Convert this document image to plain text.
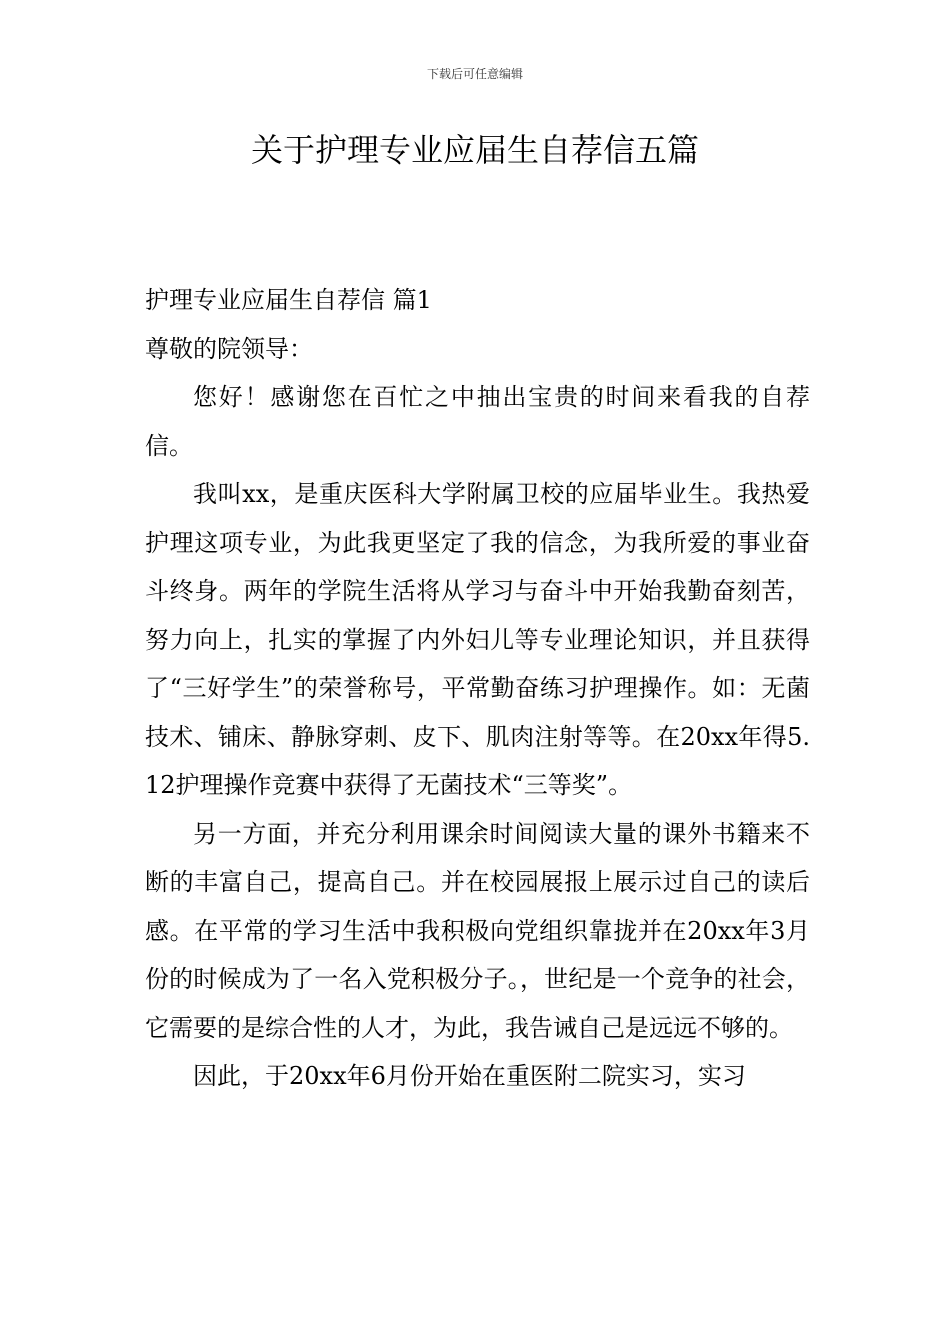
下载后可任意编辑
关于护理专业应届生自荐信五篇

护理专业应届生自荐信 篇1

尊敬的院领导：

您好！感谢您在百忙之中抽出宝贵的时间来看我的自荐信。

我叫xx，是重庆医科大学附属卫校的应届毕业生。我热爱护理这项专业，为此我更坚定了我的信念，为我所爱的事业奋斗终身。两年的学院生活将从学习与奋斗中开始我勤奋刻苦，努力向上，扎实的掌握了内外妇儿等专业理论知识，并且获得了“三好学生”的荣誉称号，平常勤奋练习护理操作。如：无菌技术、铺床、静脉穿刺、皮下、肌肉注射等等。在20xx年得5.12护理操作竞赛中获得了无菌技术“三等奖”。

另一方面，并充分利用课余时间阅读大量的课外书籍来不断的丰富自己，提高自己。并在校园展报上展示过自己的读后感。在平常的学习生活中我积极向党组织靠拢并在20xx年3月份的时候成为了一名入党积极分子。，世纪是一个竞争的社会，它需要的是综合性的人才，为此，我告诫自己是远远不够的。

因此，于20xx年6月份开始在重医附二院实习，实习
